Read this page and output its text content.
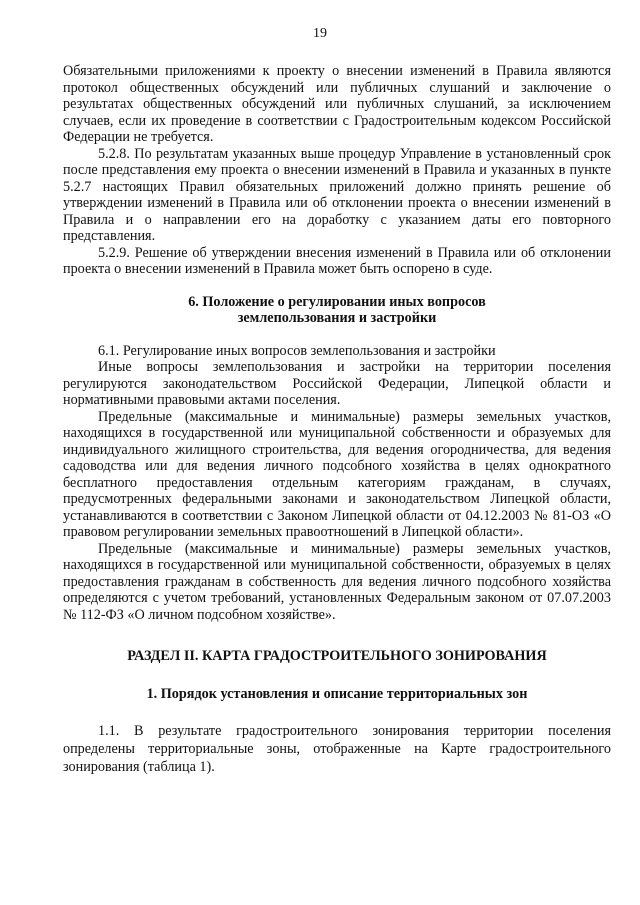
19

Обязательными приложениями к проекту о внесении изменений в Правила являются протокол общественных обсуждений или публичных слушаний и заключение о результатах общественных обсуждений или публичных слушаний, за исключением случаев, если их проведение в соответствии с Градостроительным кодексом Российской Федерации не требуется.

5.2.8. По результатам указанных выше процедур Управление в установленный срок после представления ему проекта о внесении изменений в Правила и указанных в пункте 5.2.7 настоящих Правил обязательных приложений должно принять решение об утверждении изменений в Правила или об отклонении проекта о внесении изменений в Правила и о направлении его на доработку с указанием даты его повторного представления.

5.2.9. Решение об утверждении внесения изменений в Правила или об отклонении проекта о внесении изменений в Правила может быть оспорено в суде.

6. Положение о регулировании иных вопросов
землепользования и застройки

6.1. Регулирование иных вопросов землепользования и застройки

Иные вопросы землепользования и застройки на территории поселения регулируются законодательством Российской Федерации, Липецкой области и нормативными правовыми актами поселения.

Предельные (максимальные и минимальные) размеры земельных участков, находящихся в государственной или муниципальной собственности и образуемых для индивидуального жилищного строительства, для ведения огородничества, для ведения садоводства или для ведения личного подсобного хозяйства в целях однократного бесплатного предоставления отдельным категориям гражданам, в случаях, предусмотренных федеральными законами и законодательством Липецкой области, устанавливаются в соответствии с Законом Липецкой области от 04.12.2003 № 81-ОЗ «О правовом регулировании земельных правоотношений в Липецкой области».

Предельные (максимальные и минимальные) размеры земельных участков, находящихся в государственной или муниципальной собственности, образуемых в целях предоставления гражданам в собственность для ведения личного подсобного хозяйства определяются с учетом требований, установленных Федеральным законом от 07.07.2003 № 112-ФЗ «О личном подсобном хозяйстве».

РАЗДЕЛ II. КАРТА ГРАДОСТРОИТЕЛЬНОГО ЗОНИРОВАНИЯ
1. Порядок установления и описание территориальных зон

1.1. В результате градостроительного зонирования территории поселения определены территориальные зоны, отображенные на Карте градостроительного зонирования (таблица 1).
